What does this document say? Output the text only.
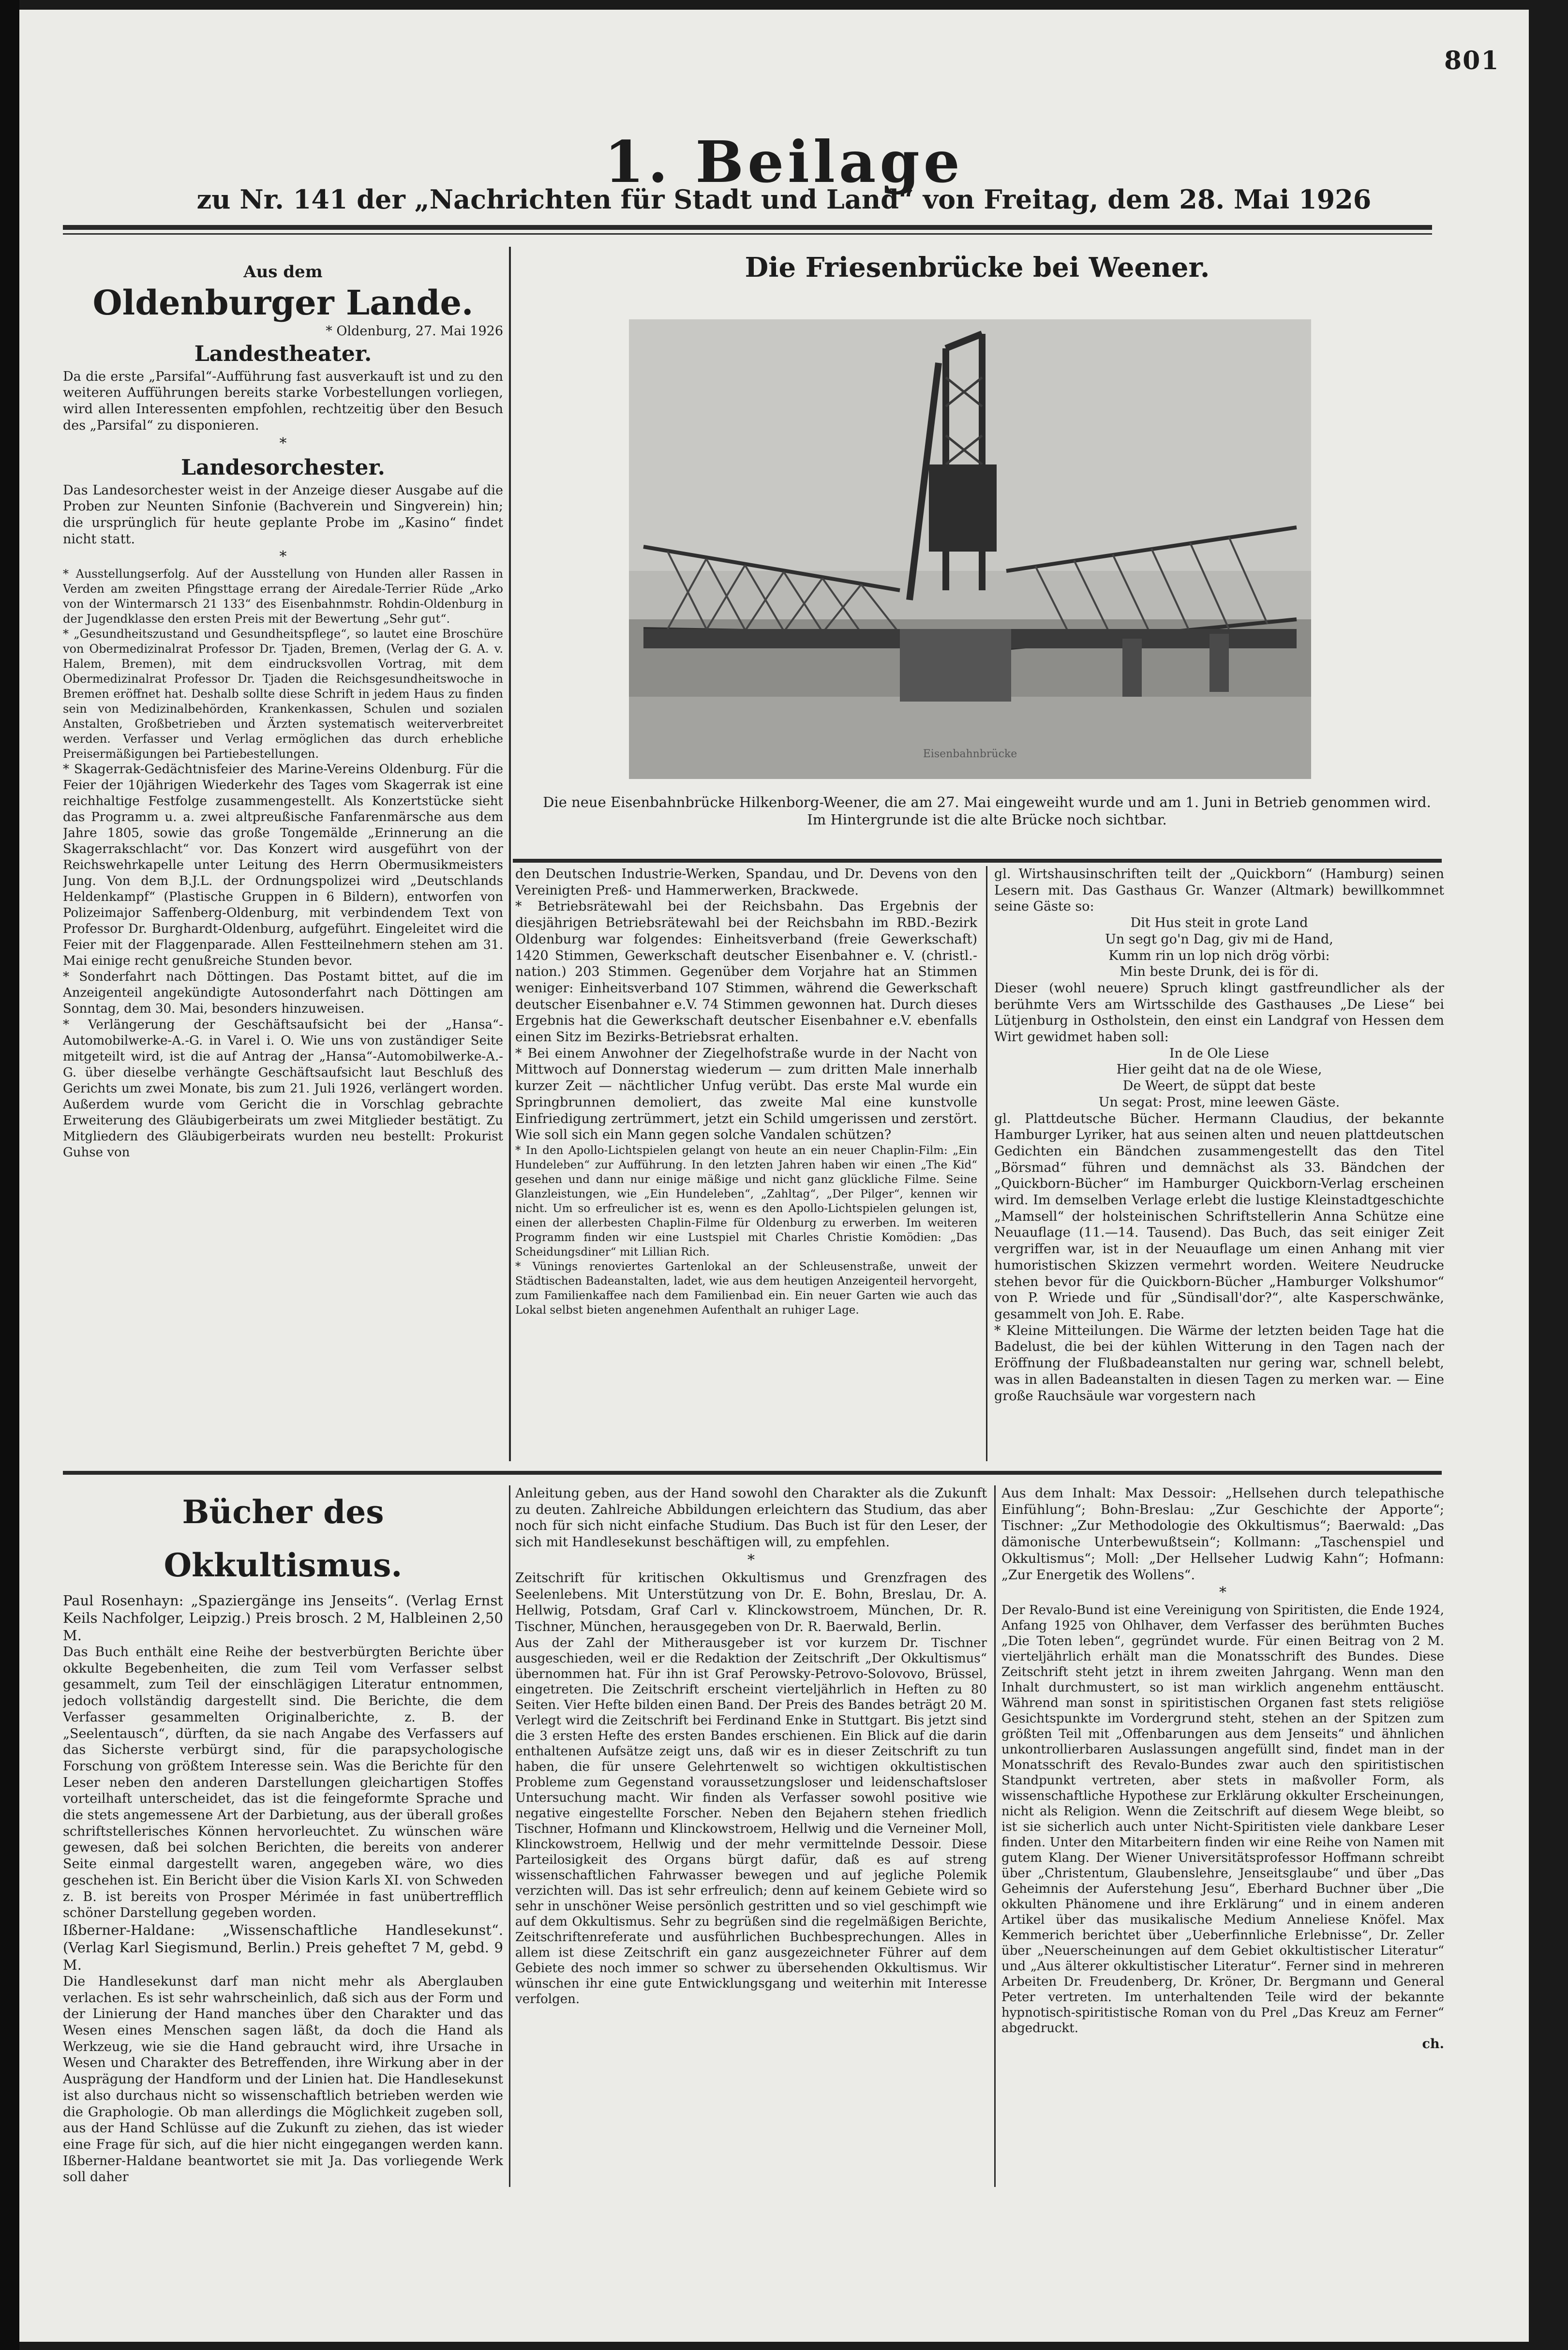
801
1. Beilage
zu Nr. 141 der „Nachrichten für Stadt und Land“ von Freitag, dem 28. Mai 1926

Aus dem

Oldenburger Lande.

* Oldenburg, 27. Mai 1926

Landestheater.

Da die erste „Parsifal“-Aufführung fast ausverkauft ist und zu den weiteren Aufführungen bereits starke Vorbestellungen vorliegen, wird allen Interessenten empfohlen, rechtzeitig über den Besuch des „Parsifal“ zu disponieren.

*

Landesorchester.

Das Landesorchester weist in der Anzeige dieser Ausgabe auf die Proben zur Neunten Sinfonie (Bachverein und Singverein) hin; die ursprünglich für heute geplante Probe im „Kasino“ findet nicht statt.

*

* Ausstellungserfolg. Auf der Ausstellung von Hunden aller Rassen in Verden am zweiten Pfingsttage errang der Airedale-Terrier Rüde „Arko von der Wintermarsch 21 133“ des Eisenbahnmstr. Rohdin-Oldenburg in der Jugendklasse den ersten Preis mit der Bewertung „Sehr gut“.

* „Gesundheitszustand und Gesundheitspflege“, so lautet eine Broschüre von Obermedizinalrat Professor Dr. Tjaden, Bremen, (Verlag der G. A. v. Halem, Bremen), mit dem eindrucksvollen Vortrag, mit dem Obermedizinalrat Professor Dr. Tjaden die Reichsgesundheitswoche in Bremen eröffnet hat. Deshalb sollte diese Schrift in jedem Haus zu finden sein von Medizinalbehörden, Krankenkassen, Schulen und sozialen Anstalten, Großbetrieben und Ärzten systematisch weiterverbreitet werden. Verfasser und Verlag ermöglichen das durch erhebliche Preisermäßigungen bei Partiebestellungen.

* Skagerrak-Gedächtnisfeier des Marine-Vereins Oldenburg. Für die Feier der 10jährigen Wiederkehr des Tages vom Skagerrak ist eine reichhaltige Festfolge zusammengestellt. Als Konzertstücke sieht das Programm u. a. zwei altpreußische Fanfarenmärsche aus dem Jahre 1805, sowie das große Tongemälde „Erinnerung an die Skagerrakschlacht“ vor. Das Konzert wird ausgeführt von der Reichswehrkapelle unter Leitung des Herrn Obermusikmeisters Jung. Von dem B.J.L. der Ordnungspolizei wird „Deutschlands Heldenkampf“ (Plastische Gruppen in 6 Bildern), entworfen von Polizeimajor Saffenberg-Oldenburg, mit verbindendem Text von Professor Dr. Burghardt-Oldenburg, aufgeführt. Eingeleitet wird die Feier mit der Flaggenparade. Allen Festteilnehmern stehen am 31. Mai einige recht genußreiche Stunden bevor.

* Sonderfahrt nach Döttingen. Das Postamt bittet, auf die im Anzeigenteil angekündigte Autosonderfahrt nach Döttingen am Sonntag, dem 30. Mai, besonders hinzuweisen.

* Verlängerung der Geschäftsaufsicht bei der „Hansa“-Automobilwerke-A.-G. in Varel i. O. Wie uns von zuständiger Seite mitgeteilt wird, ist die auf Antrag der „Hansa“-Automobilwerke-A.-G. über dieselbe verhängte Geschäftsaufsicht laut Beschluß des Gerichts um zwei Monate, bis zum 21. Juli 1926, verlängert worden. Außerdem wurde vom Gericht die in Vorschlag gebrachte Erweiterung des Gläubigerbeirats um zwei Mitglieder bestätigt. Zu Mitgliedern des Gläubigerbeirats wurden neu bestellt: Prokurist Guhse von

Die Friesenbrücke bei Weener.
Eisenbahnbrücke
Die neue Eisenbahnbrücke Hilkenborg-Weener, die am 27. Mai eingeweiht wurde und am 1. Juni in Betrieb genommen wird. Im Hintergrunde ist die alte Brücke noch sichtbar.

den Deutschen Industrie-Werken, Spandau, und Dr. Devens von den Vereinigten Preß- und Hammerwerken, Brackwede.

* Betriebsrätewahl bei der Reichsbahn. Das Ergebnis der diesjährigen Betriebsrätewahl bei der Reichsbahn im RBD.-Bezirk Oldenburg war folgendes: Einheitsverband (freie Gewerkschaft) 1420 Stimmen, Gewerkschaft deutscher Eisenbahner e. V. (christl.-nation.) 203 Stimmen. Gegenüber dem Vorjahre hat an Stimmen weniger: Einheitsverband 107 Stimmen, während die Gewerkschaft deutscher Eisenbahner e.V. 74 Stimmen gewonnen hat. Durch dieses Ergebnis hat die Gewerkschaft deutscher Eisenbahner e.V. ebenfalls einen Sitz im Bezirks-Betriebsrat erhalten.

* Bei einem Anwohner der Ziegelhofstraße wurde in der Nacht von Mittwoch auf Donnerstag wiederum — zum dritten Male innerhalb kurzer Zeit — nächtlicher Unfug verübt. Das erste Mal wurde ein Springbrunnen demoliert, das zweite Mal eine kunstvolle Einfriedigung zertrümmert, jetzt ein Schild umgerissen und zerstört. Wie soll sich ein Mann gegen solche Vandalen schützen?

* In den Apollo-Lichtspielen gelangt von heute an ein neuer Chaplin-Film: „Ein Hundeleben“ zur Aufführung. In den letzten Jahren haben wir einen „The Kid“ gesehen und dann nur einige mäßige und nicht ganz glückliche Filme. Seine Glanzleistungen, wie „Ein Hundeleben“, „Zahltag“, „Der Pilger“, kennen wir nicht. Um so erfreulicher ist es, wenn es den Apollo-Lichtspielen gelungen ist, einen der allerbesten Chaplin-Filme für Oldenburg zu erwerben. Im weiteren Programm finden wir eine Lustspiel mit Charles Christie Komödien: „Das Scheidungsdiner“ mit Lillian Rich.

* Vünings renoviertes Gartenlokal an der Schleusenstraße, unweit der Städtischen Badeanstalten, ladet, wie aus dem heutigen Anzeigenteil hervorgeht, zum Familienkaffee nach dem Familienbad ein. Ein neuer Garten wie auch das Lokal selbst bieten angenehmen Aufenthalt an ruhiger Lage.

gl. Wirtshausinschriften teilt der „Quickborn“ (Hamburg) seinen Lesern mit. Das Gasthaus Gr. Wanzer (Altmark) bewillkommnet seine Gäste so:

Dit Hus steit in grote Land

Un segt go'n Dag, giv mi de Hand,

Kumm rin un lop nich drög vörbi:

Min beste Drunk, dei is för di.

Dieser (wohl neuere) Spruch klingt gastfreundlicher als der berühmte Vers am Wirtsschilde des Gasthauses „De Liese“ bei Lütjenburg in Ostholstein, den einst ein Landgraf von Hessen dem Wirt gewidmet haben soll:

In de Ole Liese

Hier geiht dat na de ole Wiese,

De Weert, de süppt dat beste

Un segat: Prost, mine leewen Gäste.

gl. Plattdeutsche Bücher. Hermann Claudius, der bekannte Hamburger Lyriker, hat aus seinen alten und neuen plattdeutschen Gedichten ein Bändchen zusammengestellt das den Titel „Börsmad“ führen und demnächst als 33. Bändchen der „Quickborn-Bücher“ im Hamburger Quickborn-Verlag erscheinen wird. Im demselben Verlage erlebt die lustige Kleinstadtgeschichte „Mamsell“ der holsteinischen Schriftstellerin Anna Schütze eine Neuauflage (11.—14. Tausend). Das Buch, das seit einiger Zeit vergriffen war, ist in der Neuauflage um einen Anhang mit vier humoristischen Skizzen vermehrt worden. Weitere Neudrucke stehen bevor für die Quickborn-Bücher „Hamburger Volkshumor“ von P. Wriede und für „Sündisall'dor?“, alte Kasperschwänke, gesammelt von Joh. E. Rabe.

* Kleine Mitteilungen. Die Wärme der letzten beiden Tage hat die Badelust, die bei der kühlen Witterung in den Tagen nach der Eröffnung der Flußbadeanstalten nur gering war, schnell belebt, was in allen Badeanstalten in diesen Tagen zu merken war. — Eine große Rauchsäule war vorgestern nach

Bücher des Okkultismus.

Paul Rosenhayn: „Spaziergänge ins Jenseits“. (Verlag Ernst Keils Nachfolger, Leipzig.) Preis brosch. 2 M, Halbleinen 2,50 M.

Das Buch enthält eine Reihe der bestverbürgten Berichte über okkulte Begebenheiten, die zum Teil vom Verfasser selbst gesammelt, zum Teil der einschlägigen Literatur entnommen, jedoch vollständig dargestellt sind. Die Berichte, die dem Verfasser gesammelten Originalberichte, z. B. der „Seelentausch“, dürften, da sie nach Angabe des Verfassers auf das Sicherste verbürgt sind, für die parapsychologische Forschung von größtem Interesse sein. Was die Berichte für den Leser neben den anderen Darstellungen gleichartigen Stoffes vorteilhaft unterscheidet, das ist die feingeformte Sprache und die stets angemessene Art der Darbietung, aus der überall großes schriftstellerisches Können hervorleuchtet. Zu wünschen wäre gewesen, daß bei solchen Berichten, die bereits von anderer Seite einmal dargestellt waren, angegeben wäre, wo dies geschehen ist. Ein Bericht über die Vision Karls XI. von Schweden z. B. ist bereits von Prosper Mérimée in fast unübertrefflich schöner Darstellung gegeben worden.

Ißberner-Haldane: „Wissenschaftliche Handlesekunst“. (Verlag Karl Siegismund, Berlin.) Preis geheftet 7 M, gebd. 9 M.

Die Handlesekunst darf man nicht mehr als Aberglauben verlachen. Es ist sehr wahrscheinlich, daß sich aus der Form und der Linierung der Hand manches über den Charakter und das Wesen eines Menschen sagen läßt, da doch die Hand als Werkzeug, wie sie die Hand gebraucht wird, ihre Ursache in Wesen und Charakter des Betreffenden, ihre Wirkung aber in der Ausprägung der Handform und der Linien hat. Die Handlesekunst ist also durchaus nicht so wissenschaftlich betrieben werden wie die Graphologie. Ob man allerdings die Möglichkeit zugeben soll, aus der Hand Schlüsse auf die Zukunft zu ziehen, das ist wieder eine Frage für sich, auf die hier nicht eingegangen werden kann. Ißberner-Haldane beantwortet sie mit Ja. Das vorliegende Werk soll daher

Anleitung geben, aus der Hand sowohl den Charakter als die Zukunft zu deuten. Zahlreiche Abbildungen erleichtern das Studium, das aber noch für sich nicht einfache Studium. Das Buch ist für den Leser, der sich mit Handlesekunst beschäftigen will, zu empfehlen.

*

Zeitschrift für kritischen Okkultismus und Grenzfragen des Seelenlebens. Mit Unterstützung von Dr. E. Bohn, Breslau, Dr. A. Hellwig, Potsdam, Graf Carl v. Klinckowstroem, München, Dr. R. Tischner, München, herausgegeben von Dr. R. Baerwald, Berlin.

Aus der Zahl der Mitherausgeber ist vor kurzem Dr. Tischner ausgeschieden, weil er die Redaktion der Zeitschrift „Der Okkultismus“ übernommen hat. Für ihn ist Graf Perowsky-Petrovo-Solovovo, Brüssel, eingetreten. Die Zeitschrift erscheint vierteljährlich in Heften zu 80 Seiten. Vier Hefte bilden einen Band. Der Preis des Bandes beträgt 20 M. Verlegt wird die Zeitschrift bei Ferdinand Enke in Stuttgart. Bis jetzt sind die 3 ersten Hefte des ersten Bandes erschienen. Ein Blick auf die darin enthaltenen Aufsätze zeigt uns, daß wir es in dieser Zeitschrift zu tun haben, die für unsere Gelehrtenwelt so wichtigen okkultistischen Probleme zum Gegenstand voraussetzungsloser und leidenschaftsloser Untersuchung macht. Wir finden als Verfasser sowohl positive wie negative eingestellte Forscher. Neben den Bejahern stehen friedlich Tischner, Hofmann und Klinckowstroem, Hellwig und die Verneiner Moll, Klinckowstroem, Hellwig und der mehr vermittelnde Dessoir. Diese Parteilosigkeit des Organs bürgt dafür, daß es auf streng wissenschaftlichen Fahrwasser bewegen und auf jegliche Polemik verzichten will. Das ist sehr erfreulich; denn auf keinem Gebiete wird so sehr in unschöner Weise persönlich gestritten und so viel geschimpft wie auf dem Okkultismus. Sehr zu begrüßen sind die regelmäßigen Berichte, Zeitschriftenreferate und ausführlichen Buchbesprechungen. Alles in allem ist diese Zeitschrift ein ganz ausgezeichneter Führer auf dem Gebiete des noch immer so schwer zu übersehenden Okkultismus. Wir wünschen ihr eine gute Entwicklungsgang und weiterhin mit Interesse verfolgen.

Aus dem Inhalt: Max Dessoir: „Hellsehen durch telepathische Einfühlung“; Bohn-Breslau: „Zur Geschichte der Apporte“; Tischner: „Zur Methodologie des Okkultismus“; Baerwald: „Das dämonische Unterbewußtsein“; Kollmann: „Taschenspiel und Okkultismus“; Moll: „Der Hellseher Ludwig Kahn“; Hofmann: „Zur Energetik des Wollens“.

*

Der Revalo-Bund ist eine Vereinigung von Spiritisten, die Ende 1924, Anfang 1925 von Ohlhaver, dem Verfasser des berühmten Buches „Die Toten leben“, gegründet wurde. Für einen Beitrag von 2 M. vierteljährlich erhält man die Monatsschrift des Bundes. Diese Zeitschrift steht jetzt in ihrem zweiten Jahrgang. Wenn man den Inhalt durchmustert, so ist man wirklich angenehm enttäuscht. Während man sonst in spiritistischen Organen fast stets religiöse Gesichtspunkte im Vordergrund steht, stehen an der Spitzen zum größten Teil mit „Offenbarungen aus dem Jenseits“ und ähnlichen unkontrollierbaren Auslassungen angefüllt sind, findet man in der Monatsschrift des Revalo-Bundes zwar auch den spiritistischen Standpunkt vertreten, aber stets in maßvoller Form, als wissenschaftliche Hypothese zur Erklärung okkulter Erscheinungen, nicht als Religion. Wenn die Zeitschrift auf diesem Wege bleibt, so ist sie sicherlich auch unter Nicht-Spiritisten viele dankbare Leser finden. Unter den Mitarbeitern finden wir eine Reihe von Namen mit gutem Klang. Der Wiener Universitätsprofessor Hoffmann schreibt über „Christentum, Glaubenslehre, Jenseitsglaube“ und über „Das Geheimnis der Auferstehung Jesu“, Eberhard Buchner über „Die okkulten Phänomene und ihre Erklärung“ und in einem anderen Artikel über das musikalische Medium Anneliese Knöfel. Max Kemmerich berichtet über „Ueberfinnliche Erlebnisse“, Dr. Zeller über „Neuerscheinungen auf dem Gebiet okkultistischer Literatur“ und „Aus älterer okkultistischer Literatur“. Ferner sind in mehreren Arbeiten Dr. Freudenberg, Dr. Kröner, Dr. Bergmann und General Peter vertreten. Im unterhaltenden Teile wird der bekannte hypnotisch-spiritistische Roman von du Prel „Das Kreuz am Ferner“ abgedruckt.

ch.
